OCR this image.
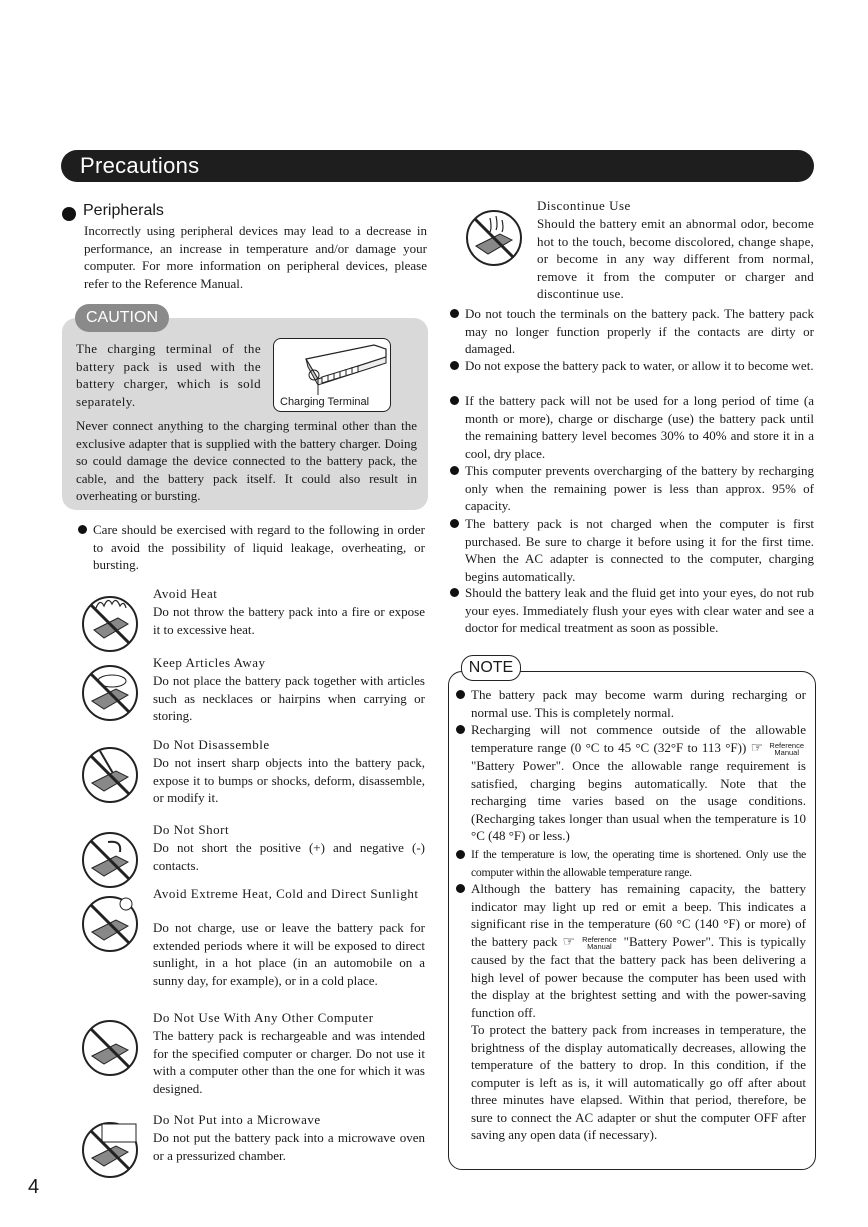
Precautions
Peripherals
Incorrectly using peripheral devices may lead to a decrease in performance, an increase in temperature and/or damage your computer. For more information on peripheral devices, please refer to the Reference Manual.
CAUTION
The charging terminal of the battery pack is used with the battery charger, which is sold separately.	Charging Terminal
Never connect anything to the charging terminal other than the exclusive adapter that is supplied with the battery charger. Doing so could damage the device connected to the battery pack, the cable, and the battery pack itself. It could also result in overheating or bursting.
Care should be exercised with regard to the following in order to avoid the possibility of liquid leakage, overheating, or bursting.
Avoid Heat
Do not throw the battery pack into a fire or expose it to excessive heat.
Keep Articles Away
Do not place the battery pack together with articles such as necklaces or hairpins when carrying or storing.
Do Not Disassemble
Do not insert sharp objects into the battery pack, expose it to bumps or shocks, deform, disassemble, or modify it.
Do Not Short
Do not short the positive (+) and negative (-) contacts.
Avoid Extreme Heat, Cold and Direct Sunlight
Do not charge, use or leave the battery pack for extended periods where it will be exposed to direct sunlight, in a hot place (in an automobile on a sunny day, for example), or in a cold place.
Do Not Use With Any Other Computer
The battery pack is rechargeable and was intended for the specified computer or charger. Do not use it with a computer other than the one for which it was designed.
Do Not Put into a Microwave
Do not put the battery pack into a microwave oven or a pressurized chamber.
Discontinue Use
Should the battery emit an abnormal odor, become hot to the touch, become discolored, change shape, or become in any way different from normal, remove it from the computer or charger and discontinue use.
Do not touch the terminals on the battery pack. The battery pack may no longer function properly if the contacts are dirty or damaged.
Do not expose the battery pack to water, or allow it to become wet.
If the battery pack will not be used for a long period of time (a month or more), charge or discharge (use) the battery pack until the remaining battery level becomes 30% to 40% and store it in a cool, dry place.
This computer prevents overcharging of the battery by recharging only when the remaining power is less than approx. 95% of capacity.
The battery pack is not charged when the computer is first purchased. Be sure to charge it before using it for the first time. When the AC adapter is connected to the computer, charging begins automatically.
Should the battery leak and the fluid get into your eyes, do not rub your eyes. Immediately flush your eyes with clear water and see a doctor for medical treatment as soon as possible.
NOTE
The battery pack may become warm during recharging or normal use. This is completely normal.
Recharging will not commence outside of the allowable temperature range (0 °C to 45 °C (32°F to 113 °F)) ☞ Reference
Manual "Battery Power". Once the allowable range requirement is satisfied, charging begins automatically. Note that the recharging time varies based on the usage conditions. (Recharging takes longer than usual when the temperature is 10 °C (48 °F) or less.)
If the temperature is low, the operating time is shortened. Only use the computer within the allowable temperature range.
Although the battery has remaining capacity, the battery indicator may light up red or emit a beep. This indicates a significant rise in the temperature (60 °C (140 °F) or more) of the battery pack ☞ Reference
Manual "Battery Power". This is typically caused by the fact that the battery pack has been delivering a high level of power because the computer has been used with the display at the brightest setting and with the power-saving function off.
To protect the battery pack from increases in temperature, the brightness of the display automatically decreases, allowing the temperature of the battery to drop. In this condition, if the computer is left as is, it will automatically go off after about three minutes have elapsed. Within that period, therefore, be sure to connect the AC adapter or shut the computer OFF after saving any open data (if necessary).
4
